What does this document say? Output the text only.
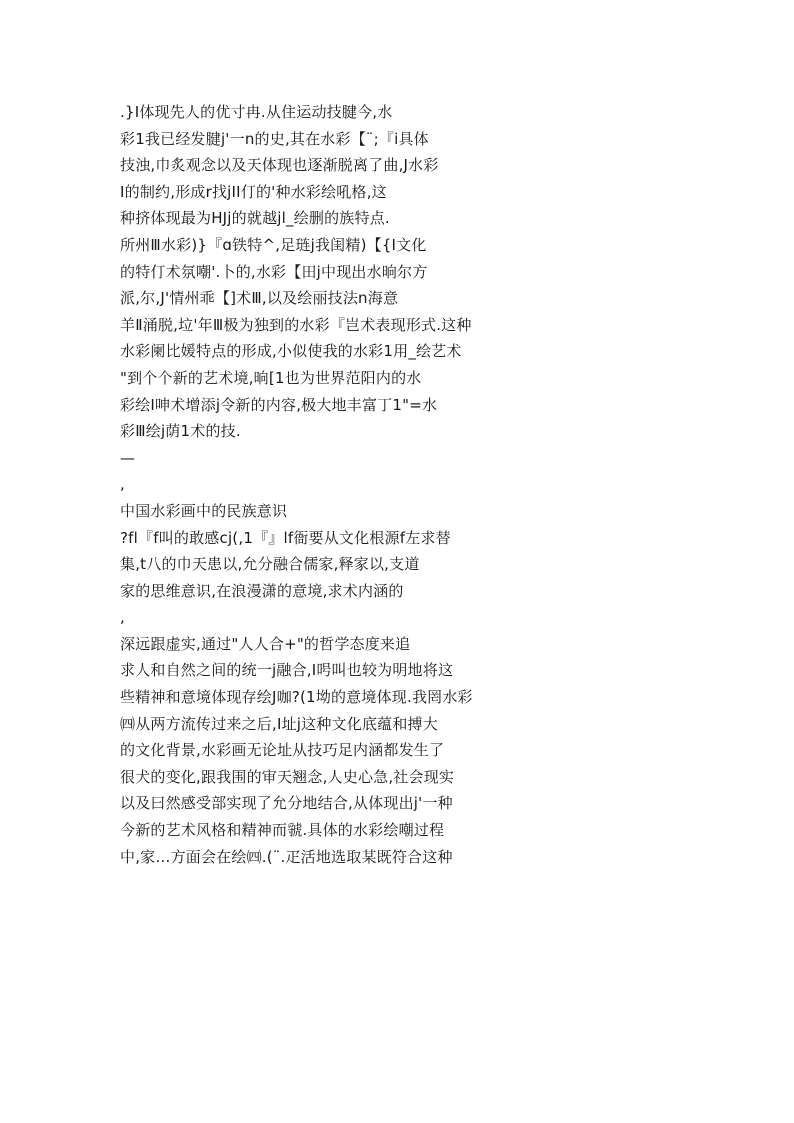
.}I体现先人的优寸冉.从住运动技腱今,水
彩1我已经发腱j'一n的史,其在水彩【¨;『i具体
技浊,巾炙观念以及天体现也逐渐脱离了曲,J水彩
I的制约,形成r找jII仃的'种水彩绘吼格,这
种挤体现最为HJj的就越jl_绘删的族特点.
所州Ⅲ水彩)}『ɑ铁特^,足琏j我闺精)【{I文化
的特仃术氛嘲'.卜的,水彩【田j中现出水晌尔方
派,尔,J'情州乖【]术Ⅲ,以及绘丽技法n海意
羊Ⅱ涌脱,垃'年Ⅲ极为独到的水彩『岂术表现形式.这种
水彩阑比媛特点的形成,小似使我的水彩1用_绘艺术
"到个个新的艺术境,晌[1也为世界范阳内的水
彩绘I呻术增添j令新的内容,极大地丰富丁1"=水
彩Ⅲ绘j荫1术的技.
—
,
中国水彩画中的民族意识
?fl『f叫的敢感cj(,1『』lf衙要从文化根源f左求替
集,t八的巾天患以,允分融合儒家,释家以,支道
家的思维意识,在浪漫潇的意境,求术内涵的
,
深远跟虚实,通过"人人合+"的哲学态度来追
求人和自然之间的统一j融合,I呺叫也较为明地将这
些精神和意境体现存绘J咖?(1坳的意境体现.我罔水彩
㈣从两方流传过来之后,I址j这种文化底蕴和搏大
的文化背景,水彩画无论址从技巧足内涵都发生了
很犬的变化,跟我围的审天翘念,人史心急,社会现实
以及曰然感受部实现了允分地结合,从体现出j'一种
今新的艺术风格和精神而虢.具体的水彩绘嘲过程
中,家…方面会在绘㈣.(¨.疋活地选取某既符合这种
